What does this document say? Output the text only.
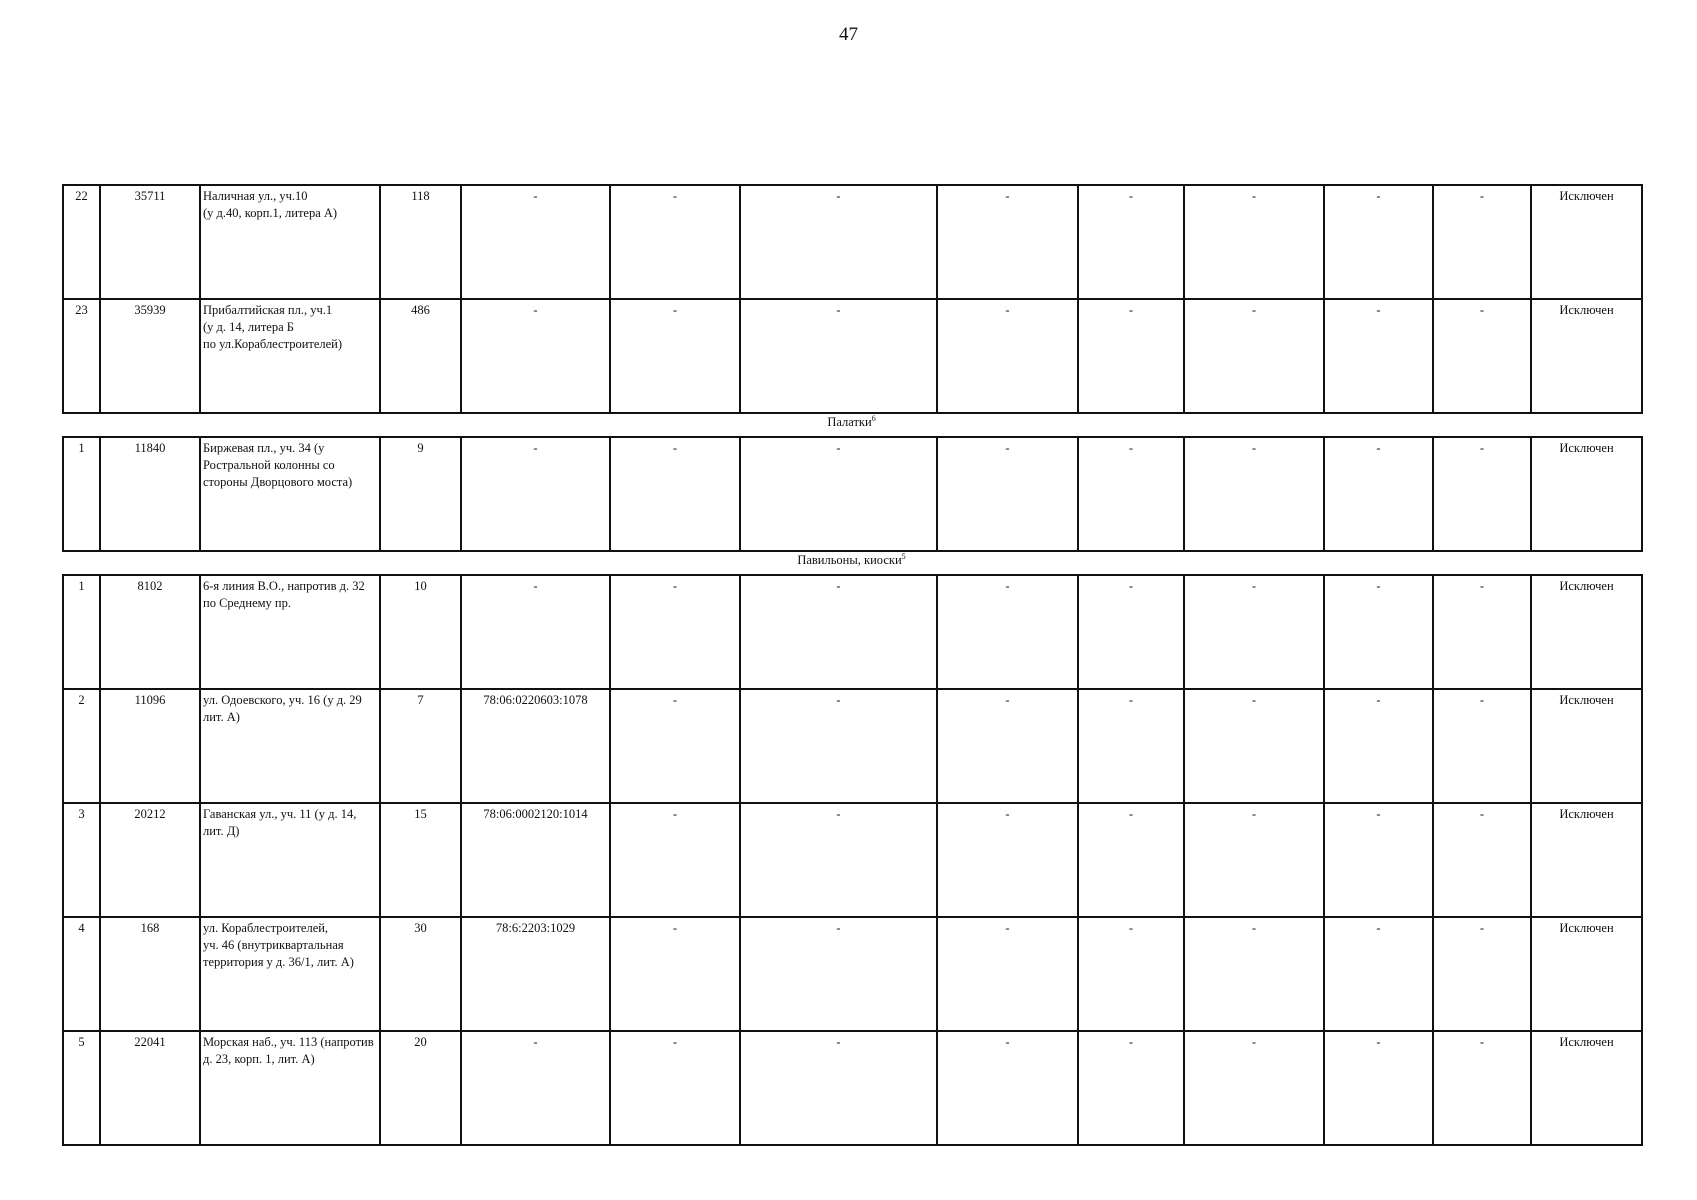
47
22	35711	Наличная ул., уч.10
(у д.40, корп.1, литера А)	118	-	-	-	-	-	-	-	-	Исключен
23	35939	Прибалтийская пл., уч.1
(у д. 14, литера Б
по ул.Кораблестроителей)	486	-	-	-	-	-	-	-	-	Исключен
Палатки$^6$
1	11840	Биржевая пл., уч. 34 (у Ростральной колонны со стороны Дворцового моста)	9	-	-	-	-	-	-	-	-	Исключен
Павильоны, киоски$^5$
1	8102	6-я линия В.О., напротив д. 32 по Среднему пр.	10	-	-	-	-	-	-	-	-	Исключен
2	11096	ул. Одоевского, уч. 16 (у д. 29 лит. А)	7	78:06:0220603:1078	-	-	-	-	-	-	-	Исключен
3	20212	Гаванская ул., уч. 11 (у д. 14, лит. Д)	15	78:06:0002120:1014	-	-	-	-	-	-	-	Исключен
4	168	ул. Кораблестроителей,
уч. 46 (внутриквартальная территория у д. 36/1, лит. А)	30	78:6:2203:1029	-	-	-	-	-	-	-	Исключен
5	22041	Морская наб., уч. 113 (напротив д. 23, корп. 1, лит. А)	20	-	-	-	-	-	-	-	-	Исключен
